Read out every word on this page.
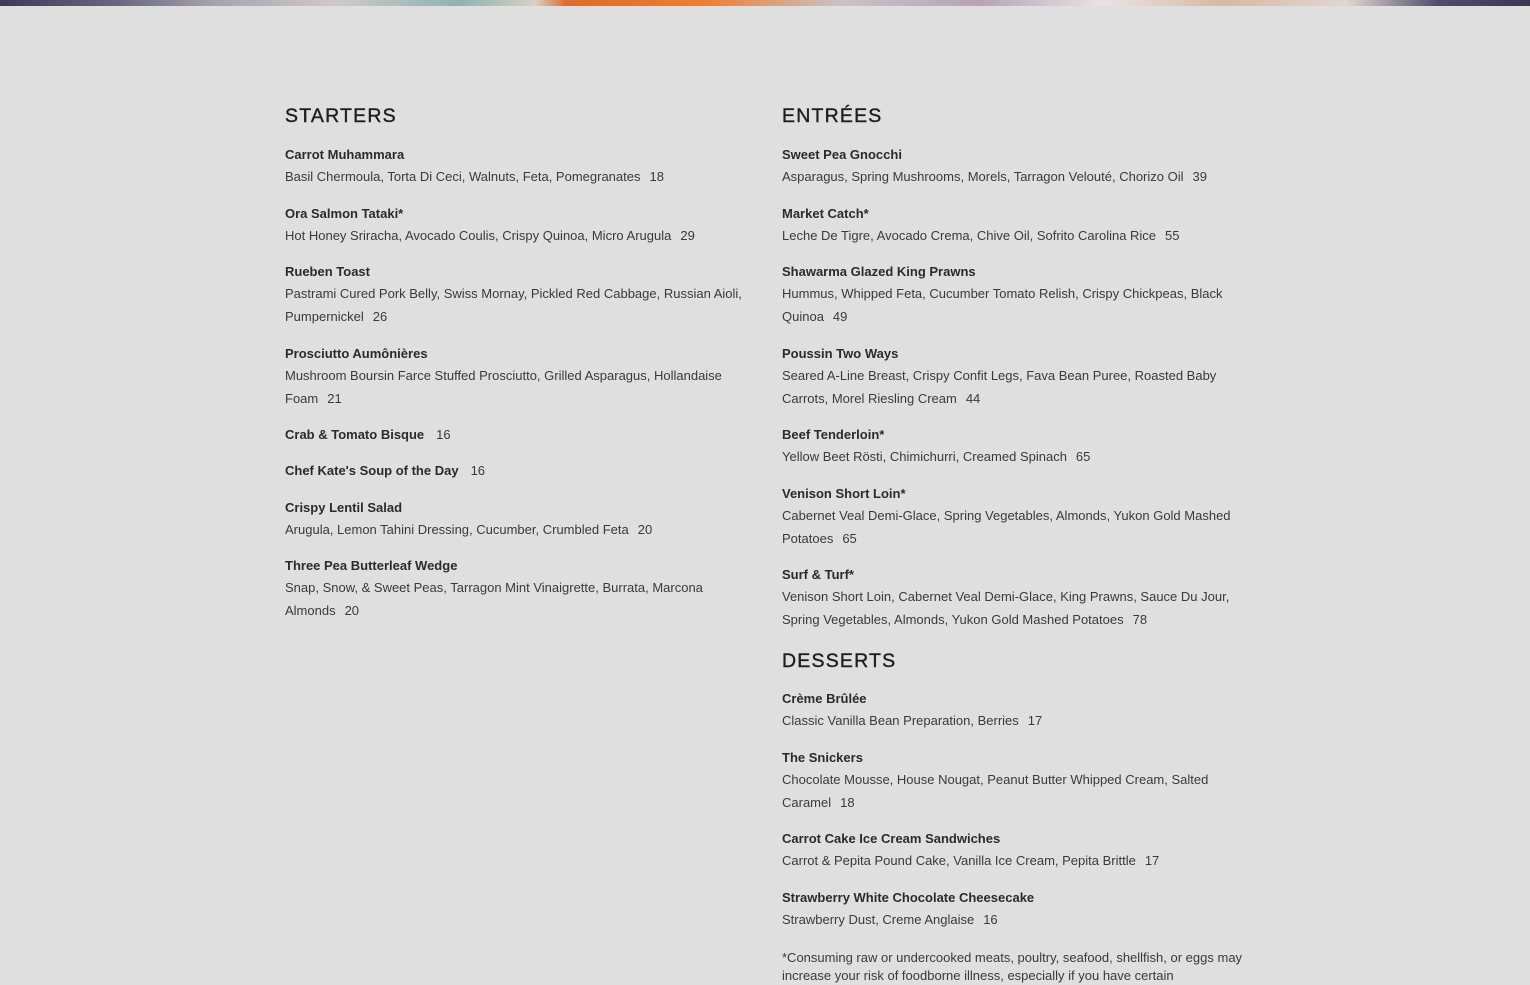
STARTERS
Carrot Muhammara
Basil Chermoula, Torta Di Ceci, Walnuts, Feta, Pomegranates 18
Ora Salmon Tataki*
Hot Honey Sriracha, Avocado Coulis, Crispy Quinoa, Micro Arugula 29
Rueben Toast
Pastrami Cured Pork Belly, Swiss Mornay, Pickled Red Cabbage, Russian Aioli, Pumpernickel 26
Prosciutto Aumônières
Mushroom Boursin Farce Stuffed Prosciutto, Grilled Asparagus, Hollandaise Foam 21
Crab & Tomato Bisque 16
Chef Kate's Soup of the Day 16
Crispy Lentil Salad
Arugula, Lemon Tahini Dressing, Cucumber, Crumbled Feta 20
Three Pea Butterleaf Wedge
Snap, Snow, & Sweet Peas, Tarragon Mint Vinaigrette, Burrata, Marcona Almonds 20
ENTRÉES
Sweet Pea Gnocchi
Asparagus, Spring Mushrooms, Morels, Tarragon Velouté, Chorizo Oil 39
Market Catch*
Leche De Tigre, Avocado Crema, Chive Oil, Sofrito Carolina Rice 55
Shawarma Glazed King Prawns
Hummus, Whipped Feta, Cucumber Tomato Relish, Crispy Chickpeas, Black Quinoa 49
Poussin Two Ways
Seared A-Line Breast, Crispy Confit Legs, Fava Bean Puree, Roasted Baby Carrots, Morel Riesling Cream 44
Beef Tenderloin*
Yellow Beet Rösti, Chimichurri, Creamed Spinach 65
Venison Short Loin*
Cabernet Veal Demi-Glace, Spring Vegetables, Almonds, Yukon Gold Mashed Potatoes 65
Surf & Turf*
Venison Short Loin, Cabernet Veal Demi-Glace, King Prawns, Sauce Du Jour, Spring Vegetables, Almonds, Yukon Gold Mashed Potatoes 78
DESSERTS
Crème Brûlée
Classic Vanilla Bean Preparation, Berries 17
The Snickers
Chocolate Mousse, House Nougat, Peanut Butter Whipped Cream, Salted Caramel 18
Carrot Cake Ice Cream Sandwiches
Carrot & Pepita Pound Cake, Vanilla Ice Cream, Pepita Brittle 17
Strawberry White Chocolate Cheesecake
Strawberry Dust, Creme Anglaise 16
*Consuming raw or undercooked meats, poultry, seafood, shellfish, or eggs may increase your risk of foodborne illness, especially if you have certain
